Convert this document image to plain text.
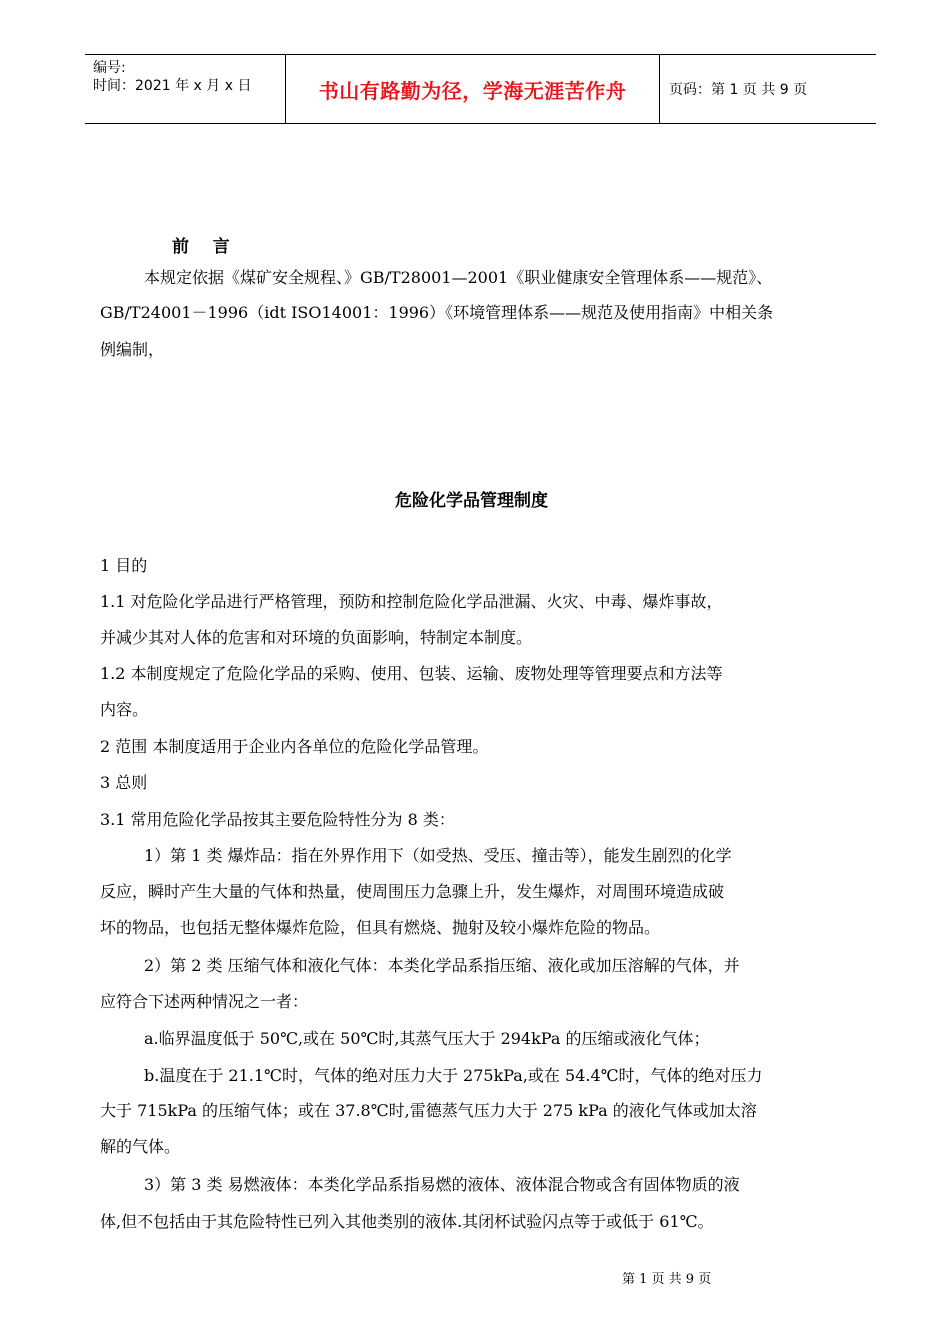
编号:
时间：2021 年 x 月 x 日	书山有路勤为径，学海无涯苦作舟	页码：第 1 页 共 9 页
前    言
本规定依据《煤矿安全规程、》GB/T28001—2001《职业健康安全管理体系——规范》、
GB/T24001－1996（idt ISO14001：1996）《环境管理体系——规范及使用指南》中相关条
例编制，
危险化学品管理制度
1 目的
1.1 对危险化学品进行严格管理，预防和控制危险化学品泄漏、火灾、中毒、爆炸事故，
并减少其对人体的危害和对环境的负面影响，特制定本制度。
1.2 本制度规定了危险化学品的采购、使用、包装、运输、废物处理等管理要点和方法等
内容。
2 范围 本制度适用于企业内各单位的危险化学品管理。
3 总则
3.1 常用危险化学品按其主要危险特性分为 8 类：
1）第 1 类 爆炸品：指在外界作用下（如受热、受压、撞击等），能发生剧烈的化学
反应，瞬时产生大量的气体和热量，使周围压力急骤上升，发生爆炸，对周围环境造成破
坏的物品，也包括无整体爆炸危险，但具有燃烧、抛射及较小爆炸危险的物品。
2）第 2 类 压缩气体和液化气体：本类化学品系指压缩、液化或加压溶解的气体，并
应符合下述两种情况之一者：
a.临界温度低于 50℃,或在 50℃时,其蒸气压大于 294kPa 的压缩或液化气体；
b.温度在于 21.1℃时，气体的绝对压力大于 275kPa,或在 54.4℃时，气体的绝对压力
大于 715kPa 的压缩气体；或在 37.8℃时,雷德蒸气压力大于 275 kPa 的液化气体或加太溶
解的气体。
3）第 3 类 易燃液体：本类化学品系指易燃的液体、液体混合物或含有固体物质的液
体,但不包括由于其危险特性已列入其他类别的液体.其闭杯试验闪点等于或低于 61℃。
第 1 页 共 9 页
